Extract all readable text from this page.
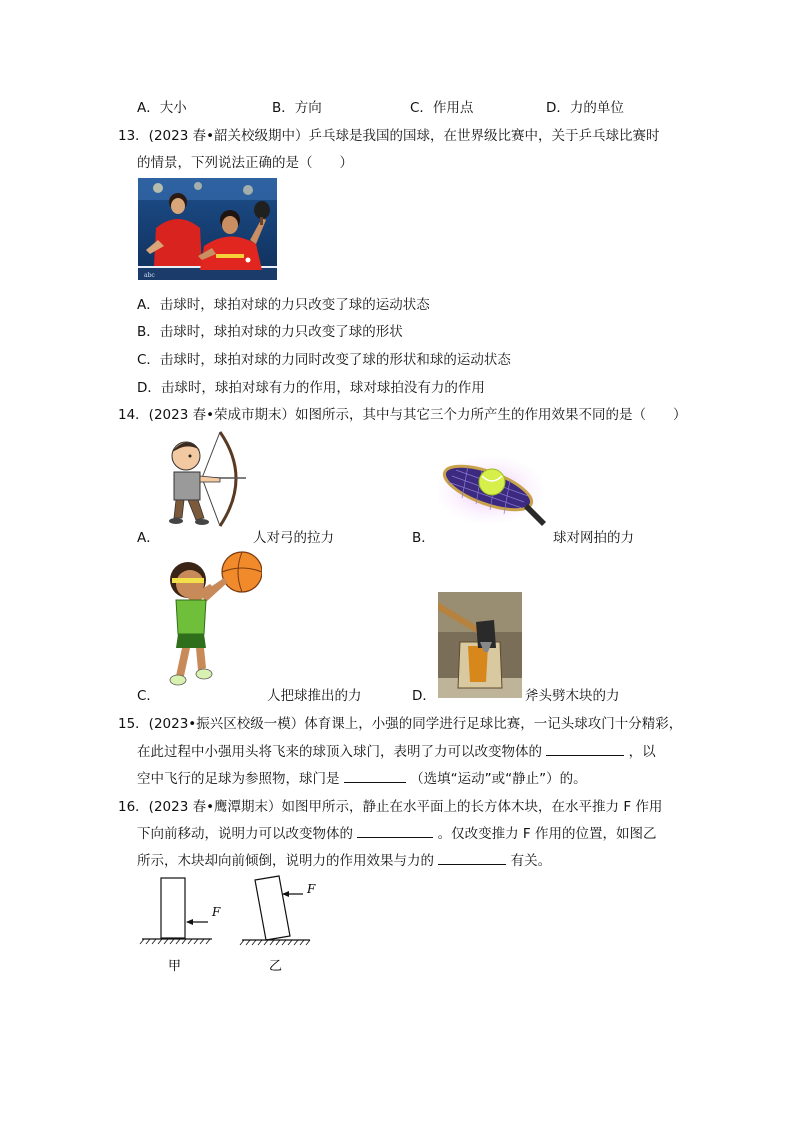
A．大小	B．方向	C．作用点	D．力的单位
13．(2023 春•韶关校级期中）乒乓球是我国的国球，在世界级比赛中，关于乒乓球比赛时
的情景，下列说法正确的是（　　）
abc
A．击球时，球拍对球的力只改变了球的运动状态
B．击球时，球拍对球的力只改变了球的形状
C．击球时，球拍对球的力同时改变了球的形状和球的运动状态
D．击球时，球拍对球有力的作用，球对球拍没有力的作用
14．(2023 春•荣成市期末）如图所示，其中与其它三个力所产生的作用效果不同的是（　　）
A．	人对弓的拉力	B．	球对网拍的力
C．	人把球推出的力	D．	斧头劈木块的力
15．(2023•振兴区校级一模）体育课上，小强的同学进行足球比赛，一记头球攻门十分精彩，
在此过程中小强用头将飞来的球顶入球门，表明了力可以改变物体的	，以
空中飞行的足球为参照物，球门是	（选填“运动”或“静止”）的。
16．(2023 春•鹰潭期末）如图甲所示，静止在水平面上的长方体木块，在水平推力 F 作用
下向前移动，说明力可以改变物体的	。仅改变推力 F 作用的位置，如图乙
所示，木块却向前倾倒，说明力的作用效果与力的	有关。
F
甲
F
乙
